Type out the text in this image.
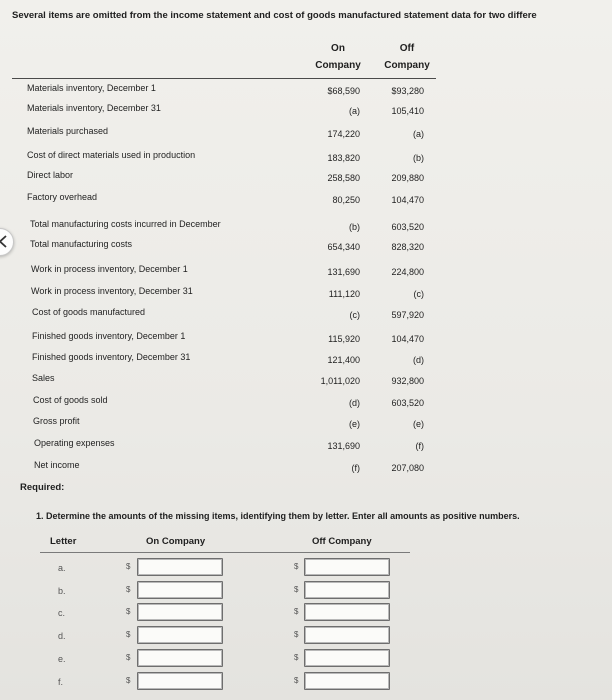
Several items are omitted from the income statement and cost of goods manufactured statement data for two differe
On
Company
Off
Company
Materials inventory, December 1	$68,590	$93,280
Materials inventory, December 31	(a)	105,410
Materials purchased	174,220	(a)
Cost of direct materials used in production	183,820	(b)
Direct labor	258,580	209,880
Factory overhead	80,250	104,470
Total manufacturing costs incurred in December	(b)	603,520
Total manufacturing costs	654,340	828,320
Work in process inventory, December 1	131,690	224,800
Work in process inventory, December 31	111,120	(c)
Cost of goods manufactured	(c)	597,920
Finished goods inventory, December 1	115,920	104,470
Finished goods inventory, December 31	121,400	(d)
Sales	1,011,020	932,800
Cost of goods sold	(d)	603,520
Gross profit	(e)	(e)
Operating expenses	131,690	(f)
Net income	(f)	207,080
Required:
1. Determine the amounts of the missing items, identifying them by letter. Enter all amounts as positive numbers.
Letter	On Company	Off Company
a.	$	$
b.	$	$
c.	$	$
d.	$	$
e.	$	$
f.	$	$
